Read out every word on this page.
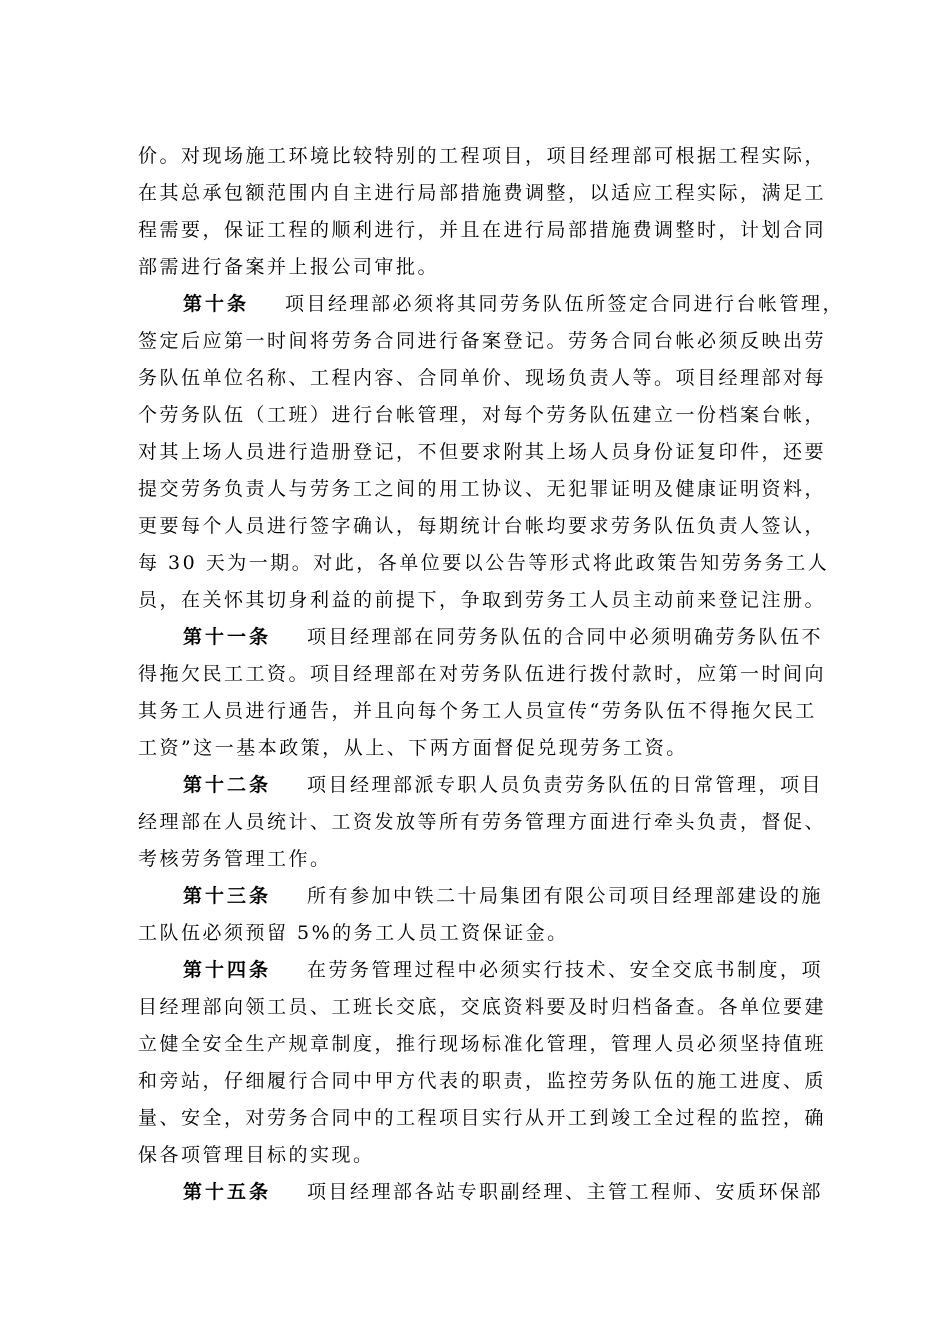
价。对现场施工环境比较特别的工程项目，项目经理部可根据工程实际，
在其总承包额范围内自主进行局部措施费调整，以适应工程实际，满足工
程需要，保证工程的顺利进行，并且在进行局部措施费调整时，计划合同
部需进行备案并上报公司审批。
第十条 项目经理部必须将其同劳务队伍所签定合同进行台帐管理，
签定后应第一时间将劳务合同进行备案登记。劳务合同台帐必须反映出劳
务队伍单位名称、工程内容、合同单价、现场负责人等。项目经理部对每
个劳务队伍（工班）进行台帐管理，对每个劳务队伍建立一份档案台帐，
对其上场人员进行造册登记，不但要求附其上场人员身份证复印件，还要
提交劳务负责人与劳务工之间的用工协议、无犯罪证明及健康证明资料，
更要每个人员进行签字确认，每期统计台帐均要求劳务队伍负责人签认，
每 30 天为一期。对此，各单位要以公告等形式将此政策告知劳务务工人
员，在关怀其切身利益的前提下，争取到劳务工人员主动前来登记注册。
第十一条 项目经理部在同劳务队伍的合同中必须明确劳务队伍不
得拖欠民工工资。项目经理部在对劳务队伍进行拨付款时，应第一时间向
其务工人员进行通告，并且向每个务工人员宣传“劳务队伍不得拖欠民工
工资”这一基本政策，从上、下两方面督促兑现劳务工资。
第十二条 项目经理部派专职人员负责劳务队伍的日常管理，项目
经理部在人员统计、工资发放等所有劳务管理方面进行牵头负责，督促、
考核劳务管理工作。
第十三条 所有参加中铁二十局集团有限公司项目经理部建设的施
工队伍必须预留 5%的务工人员工资保证金。
第十四条 在劳务管理过程中必须实行技术、安全交底书制度，项
目经理部向领工员、工班长交底，交底资料要及时归档备查。各单位要建
立健全安全生产规章制度，推行现场标准化管理，管理人员必须坚持值班
和旁站，仔细履行合同中甲方代表的职责，监控劳务队伍的施工进度、质
量、安全，对劳务合同中的工程项目实行从开工到竣工全过程的监控，确
保各项管理目标的实现。
第十五条 项目经理部各站专职副经理、主管工程师、安质环保部
